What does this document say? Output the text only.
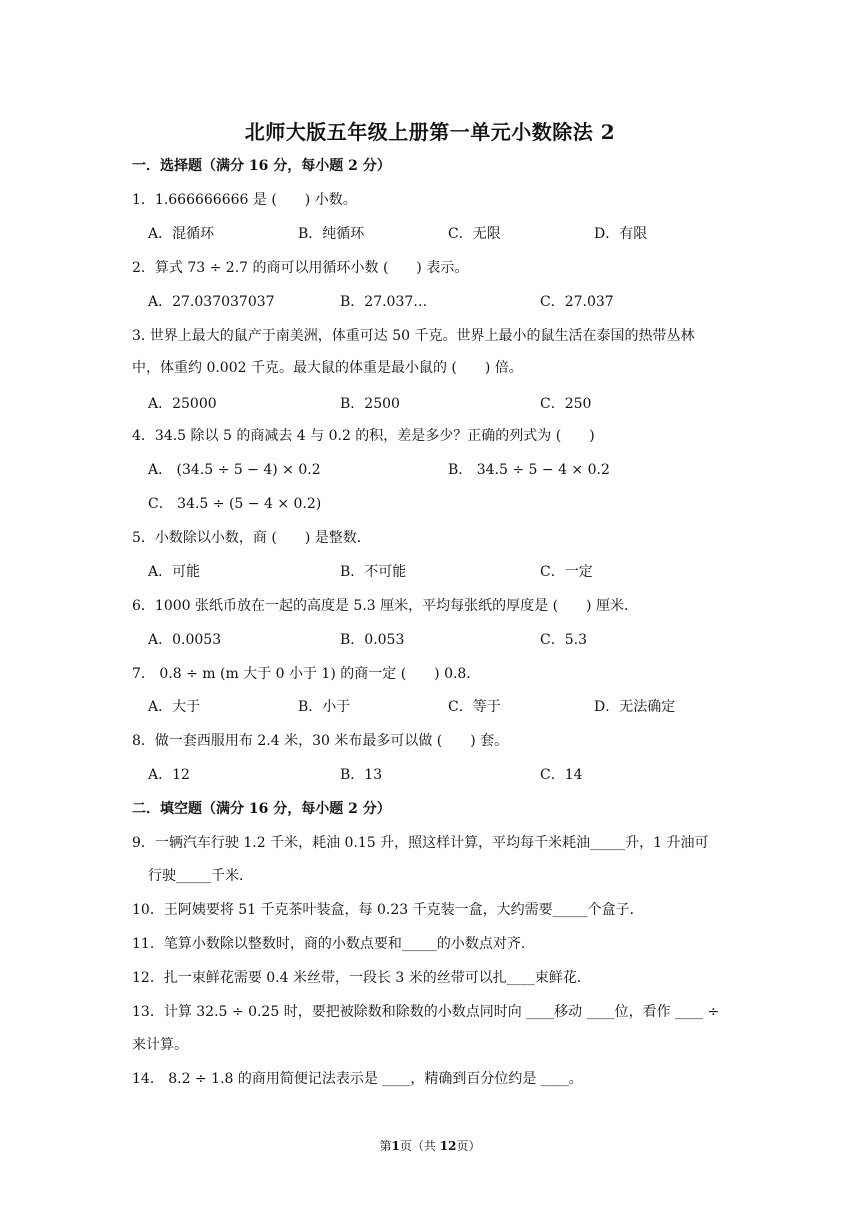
北师大版五年级上册第一单元小数除法 2
一．选择题（满分 16 分，每小题 2 分）
1．1.666666666 是 (　　) 小数。
A．混循环	B．纯循环	C．无限	D．有限
2．算式 73 ÷ 2.7 的商可以用循环小数 (　　) 表示。
A．27.037037037	B．27.037…	C．27.0̇37̇
3. 世界上最大的鼠产于南美洲，体重可达 50 千克。世界上最小的鼠生活在泰国的热带丛林
中，体重约 0.002 千克。最大鼠的体重是最小鼠的 (　　) 倍。
A．25000	B．2500	C．250
4．34.5 除以 5 的商减去 4 与 0.2 的积，差是多少？正确的列式为 (　　)
A． (34.5 ÷ 5 − 4) × 0.2	B． 34.5 ÷ 5 − 4 × 0.2
C． 34.5 ÷ (5 − 4 × 0.2)
5．小数除以小数，商 (　　) 是整数．
A．可能	B．不可能	C．一定
6．1000 张纸币放在一起的高度是 5.3 厘米，平均每张纸的厚度是 (　　) 厘米．
A．0.0053	B．0.053	C．5.3
7． 0.8 ÷ m (m 大于 0 小于 1) 的商一定 (　　) 0.8．
A．大于	B．小于	C．等于	D．无法确定
8．做一套西服用布 2.4 米，30 米布最多可以做 (　　) 套。
A．12	B．13	C．14
二．填空题（满分 16 分，每小题 2 分）
9．一辆汽车行驶 1.2 千米，耗油 0.15 升，照这样计算，平均每千米耗油_____升，1 升油可
行驶_____千米．
10．王阿姨要将 51 千克茶叶装盒，每 0.23 千克装一盒，大约需要_____个盒子．
11．笔算小数除以整数时，商的小数点要和_____的小数点对齐．
12．扎一束鲜花需要 0.4 米丝带，一段长 3 米的丝带可以扎____束鲜花．
13．计算 32.5 ÷ 0.25 时，要把被除数和除数的小数点同时向 ____移动 ____位，看作 ____ ÷
来计算。
14． 8.2 ÷ 1.8 的商用简便记法表示是 ____，精确到百分位约是 ____。
第1页（共 12页）
